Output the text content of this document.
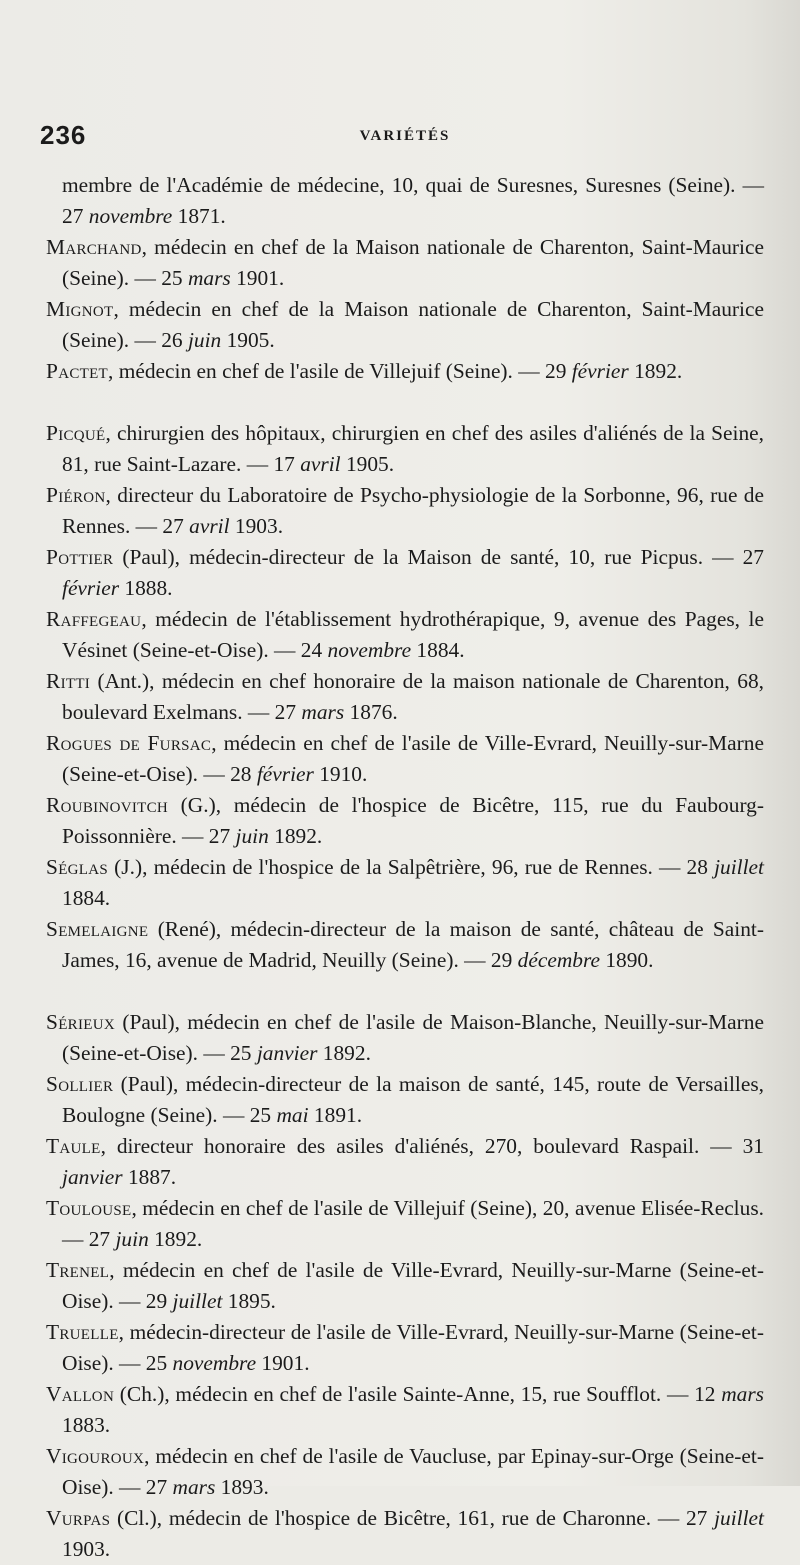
236	VARIÉTÉS

membre de l'Académie de médecine, 10, quai de Suresnes, Suresnes (Seine). — 27 novembre 1871.

Marchand, médecin en chef de la Maison nationale de Charenton, Saint-Maurice (Seine). — 25 mars 1901.

Mignot, médecin en chef de la Maison nationale de Charenton, Saint-Maurice (Seine). — 26 juin 1905.

Pactet, médecin en chef de l'asile de Villejuif (Seine). — 29 février 1892.

Picqué, chirurgien des hôpitaux, chirurgien en chef des asiles d'aliénés de la Seine, 81, rue Saint-Lazare. — 17 avril 1905.

Piéron, directeur du Laboratoire de Psycho-physiologie de la Sorbonne, 96, rue de Rennes. — 27 avril 1903.

Pottier (Paul), médecin-directeur de la Maison de santé, 10, rue Picpus. — 27 février 1888.

Raffegeau, médecin de l'établissement hydrothérapique, 9, avenue des Pages, le Vésinet (Seine-et-Oise). — 24 novembre 1884.

Ritti (Ant.), médecin en chef honoraire de la maison nationale de Charenton, 68, boulevard Exelmans. — 27 mars 1876.

Rogues de Fursac, médecin en chef de l'asile de Ville-Evrard, Neuilly-sur-Marne (Seine-et-Oise). — 28 février 1910.

Roubinovitch (G.), médecin de l'hospice de Bicêtre, 115, rue du Faubourg-Poissonnière. — 27 juin 1892.

Séglas (J.), médecin de l'hospice de la Salpêtrière, 96, rue de Rennes. — 28 juillet 1884.

Semelaigne (René), médecin-directeur de la maison de santé, château de Saint-James, 16, avenue de Madrid, Neuilly (Seine). — 29 décembre 1890.

Sérieux (Paul), médecin en chef de l'asile de Maison-Blanche, Neuilly-sur-Marne (Seine-et-Oise). — 25 janvier 1892.

Sollier (Paul), médecin-directeur de la maison de santé, 145, route de Versailles, Boulogne (Seine). — 25 mai 1891.

Taule, directeur honoraire des asiles d'aliénés, 270, boulevard Raspail. — 31 janvier 1887.

Toulouse, médecin en chef de l'asile de Villejuif (Seine), 20, avenue Elisée-Reclus. — 27 juin 1892.

Trenel, médecin en chef de l'asile de Ville-Evrard, Neuilly-sur-Marne (Seine-et-Oise). — 29 juillet 1895.

Truelle, médecin-directeur de l'asile de Ville-Evrard, Neuilly-sur-Marne (Seine-et-Oise). — 25 novembre 1901.

Vallon (Ch.), médecin en chef de l'asile Sainte-Anne, 15, rue Soufflot. — 12 mars 1883.

Vigouroux, médecin en chef de l'asile de Vaucluse, par Epinay-sur-Orge (Seine-et-Oise). — 27 mars 1893.

Vurpas (Cl.), médecin de l'hospice de Bicêtre, 161, rue de Charonne. — 27 juillet 1903.
